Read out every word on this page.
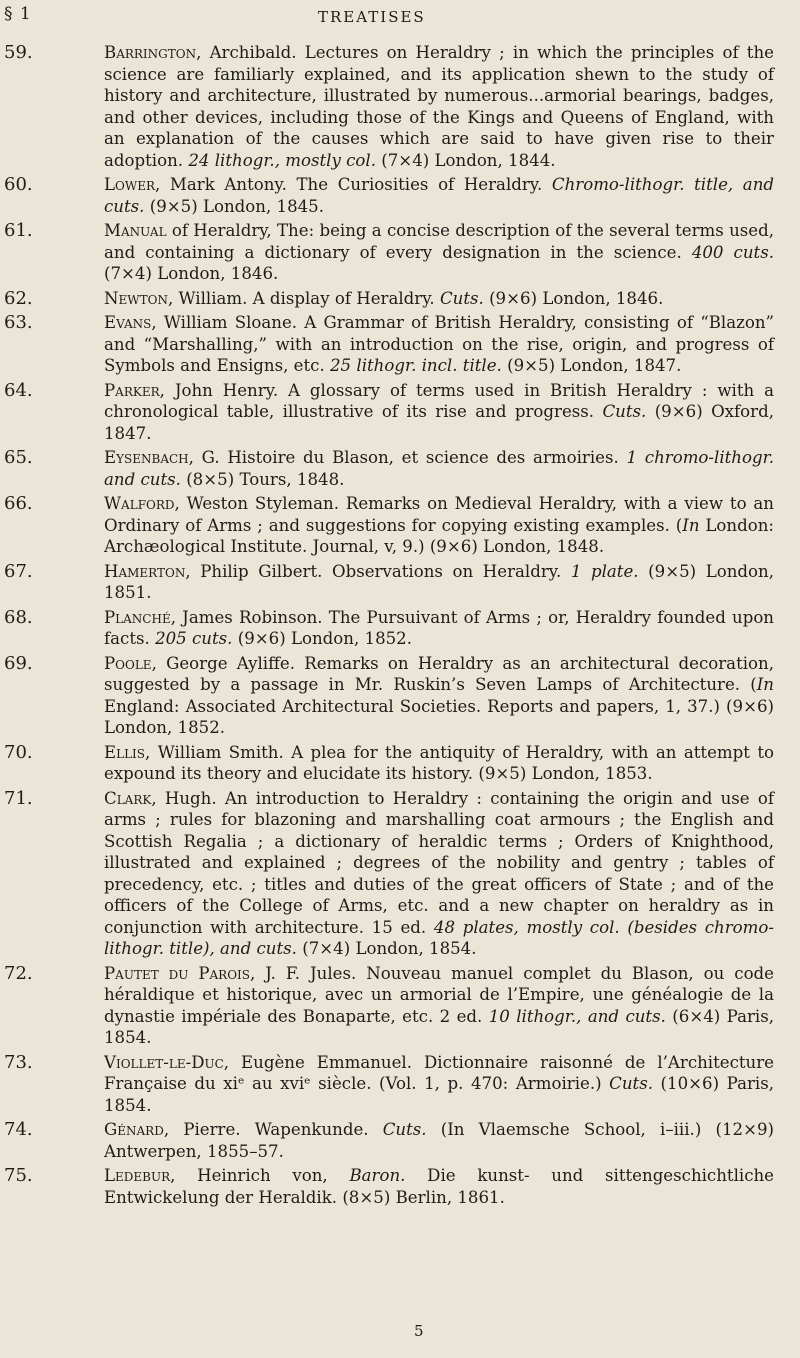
§ 1	TREATISES
59.	Barrington, Archibald. Lectures on Heraldry ; in which the principles of the science are familiarly explained, and its application shewn to the study of history and architecture, illustrated by numerous...armorial bearings, badges, and other devices, including those of the Kings and Queens of England, with an explanation of the causes which are said to have given rise to their adoption. 24 lithogr., mostly col. (7×4) London, 1844.
60.	Lower, Mark Antony. The Curiosities of Heraldry. Chromo-lithogr. title, and cuts. (9×5) London, 1845.
61.	Manual of Heraldry, The: being a concise description of the several terms used, and containing a dictionary of every designation in the science. 400 cuts. (7×4) London, 1846.
62.	Newton, William. A display of Heraldry. Cuts. (9×6) London, 1846.
63.	Evans, William Sloane. A Grammar of British Heraldry, consisting of “Blazon” and “Marshalling,” with an introduction on the rise, origin, and progress of Symbols and Ensigns, etc. 25 lithogr. incl. title. (9×5) London, 1847.
64.	Parker, John Henry. A glossary of terms used in British Heraldry : with a chronological table, illustrative of its rise and progress. Cuts. (9×6) Oxford, 1847.
65.	Eysenbach, G. Histoire du Blason, et science des armoiries. 1 chromo-lithogr. and cuts. (8×5) Tours, 1848.
66.	Walford, Weston Styleman. Remarks on Medieval Heraldry, with a view to an Ordinary of Arms ; and suggestions for copying existing examples. (In London: Archæological Institute. Journal, v, 9.) (9×6) London, 1848.
67.	Hamerton, Philip Gilbert. Observations on Heraldry. 1 plate. (9×5) London, 1851.
68.	Planché, James Robinson. The Pursuivant of Arms ; or, Heraldry founded upon facts. 205 cuts. (9×6) London, 1852.
69.	Poole, George Ayliffe. Remarks on Heraldry as an architectural decoration, suggested by a passage in Mr. Ruskin’s Seven Lamps of Architecture. (In England: Associated Architectural Societies. Reports and papers, 1, 37.) (9×6) London, 1852.
70.	Ellis, William Smith. A plea for the antiquity of Heraldry, with an attempt to expound its theory and elucidate its history. (9×5) London, 1853.
71.	Clark, Hugh. An introduction to Heraldry : containing the origin and use of arms ; rules for blazoning and marshalling coat armours ; the English and Scottish Regalia ; a dictionary of heraldic terms ; Orders of Knighthood, illustrated and explained ; degrees of the nobility and gentry ; tables of precedency, etc. ; titles and duties of the great officers of State ; and of the officers of the College of Arms, etc. and a new chapter on heraldry as in conjunction with architecture. 15 ed. 48 plates, mostly col. (besides chromo-lithogr. title), and cuts. (7×4) London, 1854.
72.	Pautet du Parois, J. F. Jules. Nouveau manuel complet du Blason, ou code héraldique et historique, avec un armorial de l’Empire, une généalogie de la dynastie impériale des Bonaparte, etc. 2 ed. 10 lithogr., and cuts. (6×4) Paris, 1854.
73.	Viollet-le-Duc, Eugène Emmanuel. Dictionnaire raisonné de l’Architecture Française du xiᵉ au xviᵉ siècle. (Vol. 1, p. 470: Armoirie.) Cuts. (10×6) Paris, 1854.
74.	Génard, Pierre. Wapenkunde. Cuts. (In Vlaemsche School, i–iii.) (12×9) Antwerpen, 1855–57.
75.	Ledebur, Heinrich von, Baron. Die kunst- und sittengeschichtliche Entwickelung der Heraldik. (8×5) Berlin, 1861.
5
